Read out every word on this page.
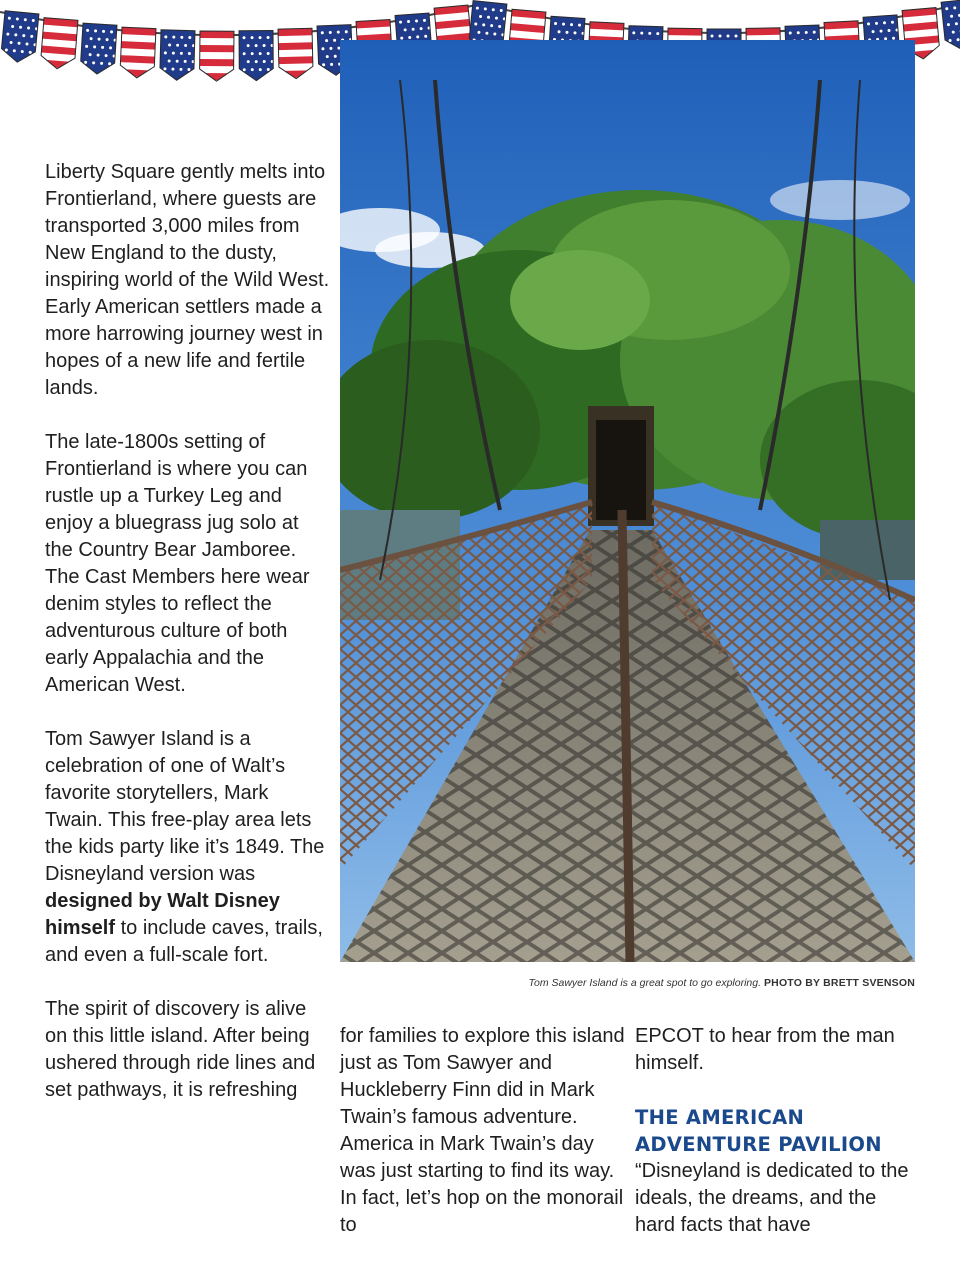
Tom Sawyer Island is a great spot to go exploring. PHOTO BY BRETT SVENSON

Liberty Square gently melts into Frontierland, where guests are transported 3,000 miles from New England to the dusty, inspiring world of the Wild West. Early American settlers made a more harrowing journey west in hopes of a new life and fertile lands.

The late-1800s setting of Frontierland is where you can rustle up a Turkey Leg and enjoy a bluegrass jug solo at the Country Bear Jamboree. The Cast Members here wear denim styles to reflect the adventurous culture of both early Appalachia and the American West.

Tom Sawyer Island is a celebration of one of Walt’s favorite storytellers, Mark Twain. This free-play area lets the kids party like it’s 1849. The Disneyland version was designed by Walt Disney himself to include caves, trails, and even a full-scale fort.

The spirit of discovery is alive on this little island. After being ushered through ride lines and set pathways, it is refreshing

for families to explore this island just as Tom Sawyer and Huckleberry Finn did in Mark Twain’s famous adventure. America in Mark Twain’s day was just starting to find its way. In fact, let’s hop on the monorail to

EPCOT to hear from the man himself.

THE AMERICAN ADVENTURE PAVILION

“Disneyland is dedicated to the ideals, the dreams, and the hard facts that have
